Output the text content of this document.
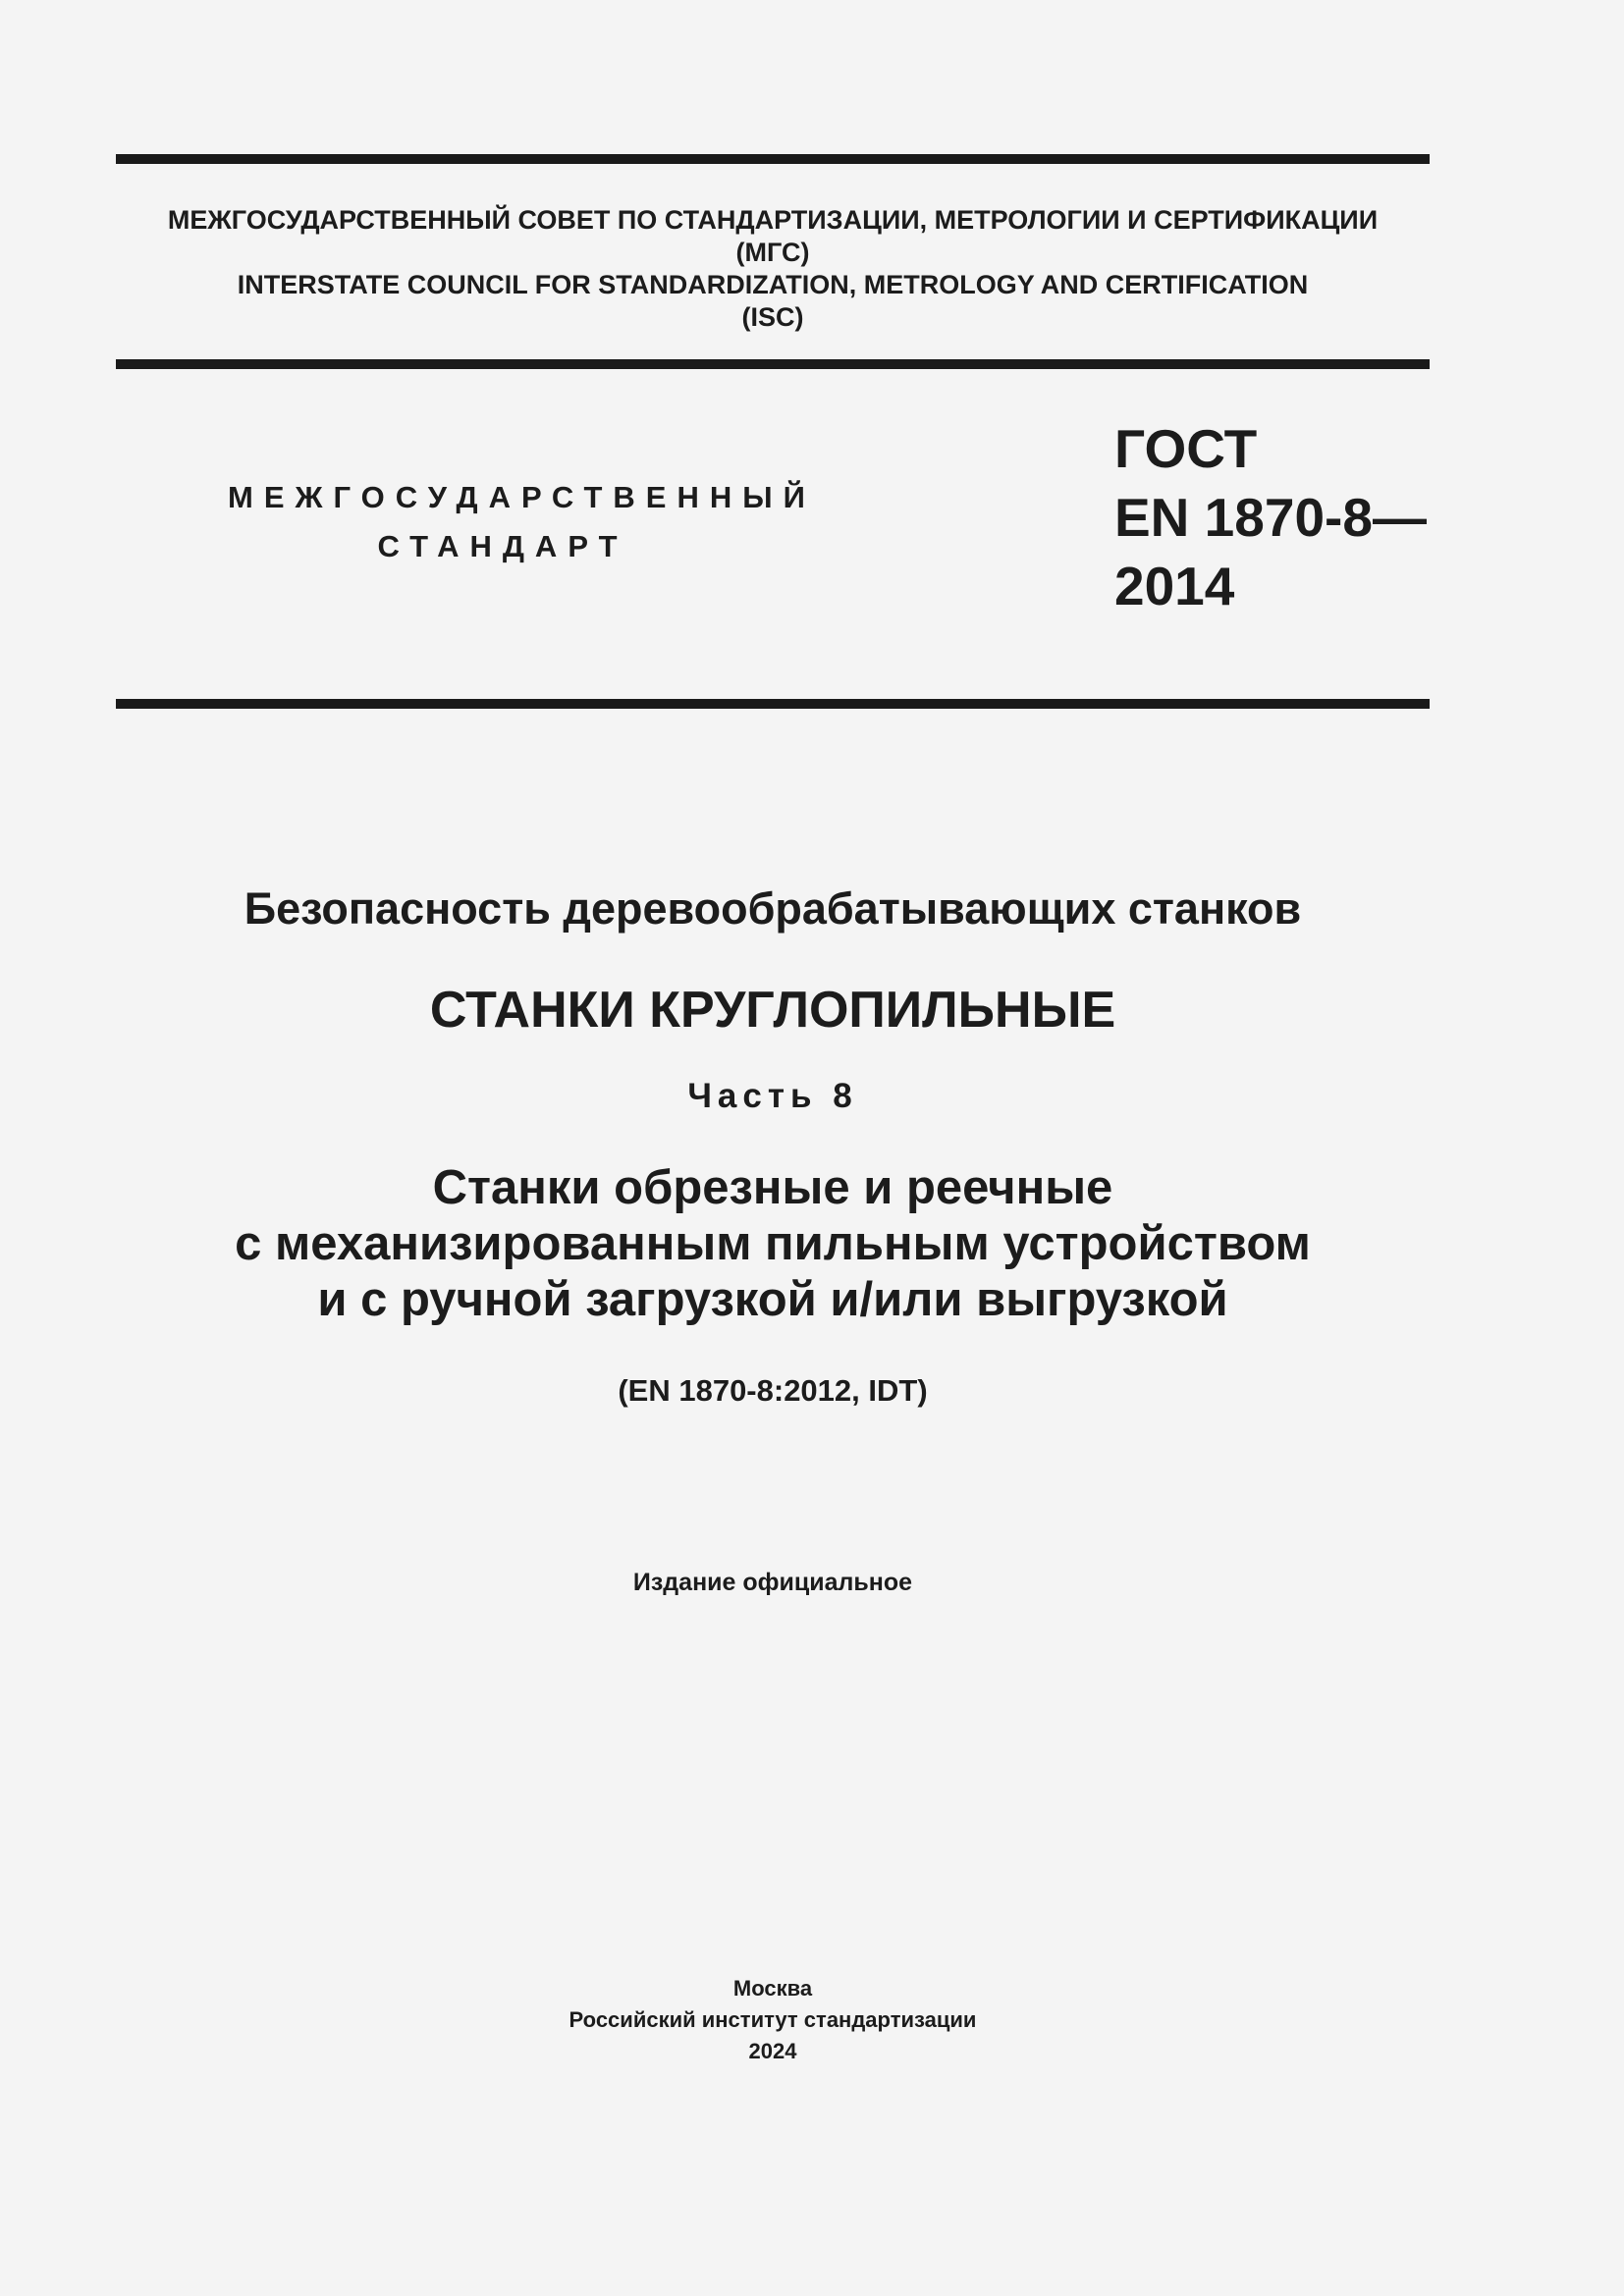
МЕЖГОСУДАРСТВЕННЫЙ СОВЕТ ПО СТАНДАРТИЗАЦИИ, МЕТРОЛОГИИ И СЕРТИФИКАЦИИ
(МГС)
INTERSTATE COUNCIL FOR STANDARDIZATION, METROLOGY AND CERTIFICATION
(ISC)
МЕЖГОСУДАРСТВЕННЫЙ
СТАНДАРТ
ГОСТ
EN 1870-8—
2014
Безопасность деревообрабатывающих станков
СТАНКИ КРУГЛОПИЛЬНЫЕ
Часть 8
Станки обрезные и реечные
с механизированным пильным устройством
и с ручной загрузкой и/или выгрузкой
(EN 1870-8:2012, IDT)
Издание официальное
Москва
Российский институт стандартизации
2024
